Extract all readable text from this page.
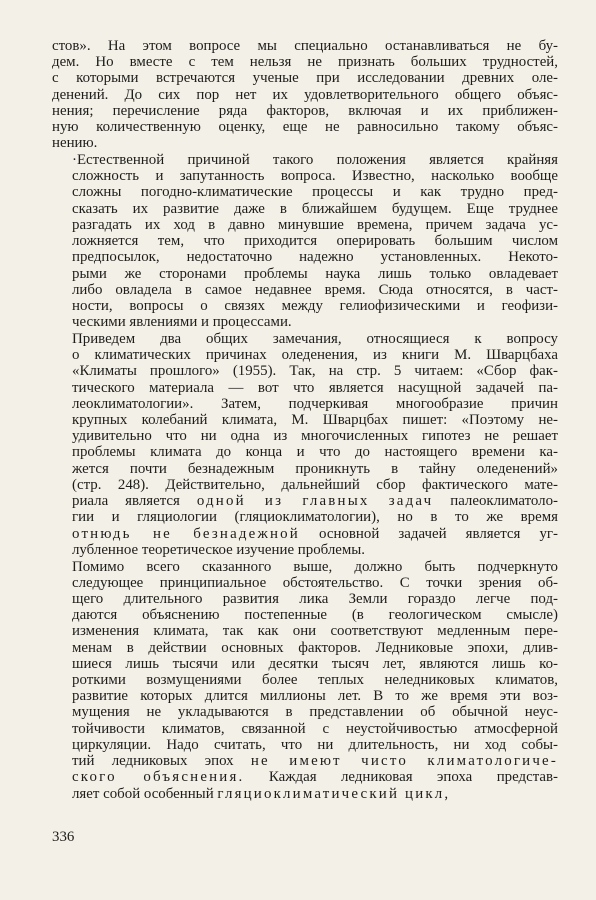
стов». На этом вопросе мы специально останавливаться не бу-
дем. Но вместе с тем нельзя не признать больших трудностей,
с которыми встречаются ученые при исследовании древних оле-
денений. До сих пор нет их удовлетворительного общего объяс-
нения; перечисление ряда факторов, включая и их приближен-
ную количественную оценку, еще не равносильно такому объяс-
нению.

·Естественной причиной такого положения является крайняя
сложность и запутанность вопроса. Известно, насколько вообще
сложны погодно-климатические процессы и как трудно пред-
сказать их развитие даже в ближайшем будущем. Еще труднее
разгадать их ход в давно минувшие времена, причем задача ус-
ложняется тем, что приходится оперировать большим числом
предпосылок, недостаточно надежно установленных. Некото-
рыми же сторонами проблемы наука лишь только овладевает
либо овладела в самое недавнее время. Сюда относятся, в част-
ности, вопросы о связях между гелиофизическими и геофизи-
ческими явлениями и процессами.

Приведем два общих замечания, относящиеся к вопросу
о климатических причинах оледенения, из книги М. Шварцбаха
«Климаты прошлого» (1955). Так, на стр. 5 читаем: «Сбор фак-
тического материала — вот что является насущной задачей па-
леоклиматологии». Затем, подчеркивая многообразие причин
крупных колебаний климата, М. Шварцбах пишет: «Поэтому не-
удивительно что ни одна из многочисленных гипотез не решает
проблемы климата до конца и что до настоящего времени ка-
жется почти безнадежным проникнуть в тайну оледенений»
(стр. 248). Действительно, дальнейший сбор фактического мате-
риала является одной из главных задач палеоклиматоло-
гии и гляциологии (гляциоклиматологии), но в то же время
отнюдь не безнадежной основной задачей является уг-
лубленное теоретическое изучение проблемы.

Помимо всего сказанного выше, должно быть подчеркнуто
следующее принципиальное обстоятельство. С точки зрения об-
щего длительного развития лика Земли гораздо легче под-
даются объяснению постепенные (в геологическом смысле)
изменения климата, так как они соответствуют медленным пере-
менам в действии основных факторов. Ледниковые эпохи, длив-
шиеся лишь тысячи или десятки тысяч лет, являются лишь ко-
роткими возмущениями более теплых неледниковых климатов,
развитие которых длится миллионы лет. В то же время эти воз-
мущения не укладываются в представлении об обычной неус-
тойчивости климатов, связанной с неустойчивостью атмосферной
циркуляции. Надо считать, что ни длительность, ни ход собы-
тий ледниковых эпох не имеют чисто климатологиче-
ского объяснения. Каждая ледниковая эпоха представ-
ляет собой особенный гляциоклиматический цикл,

336
